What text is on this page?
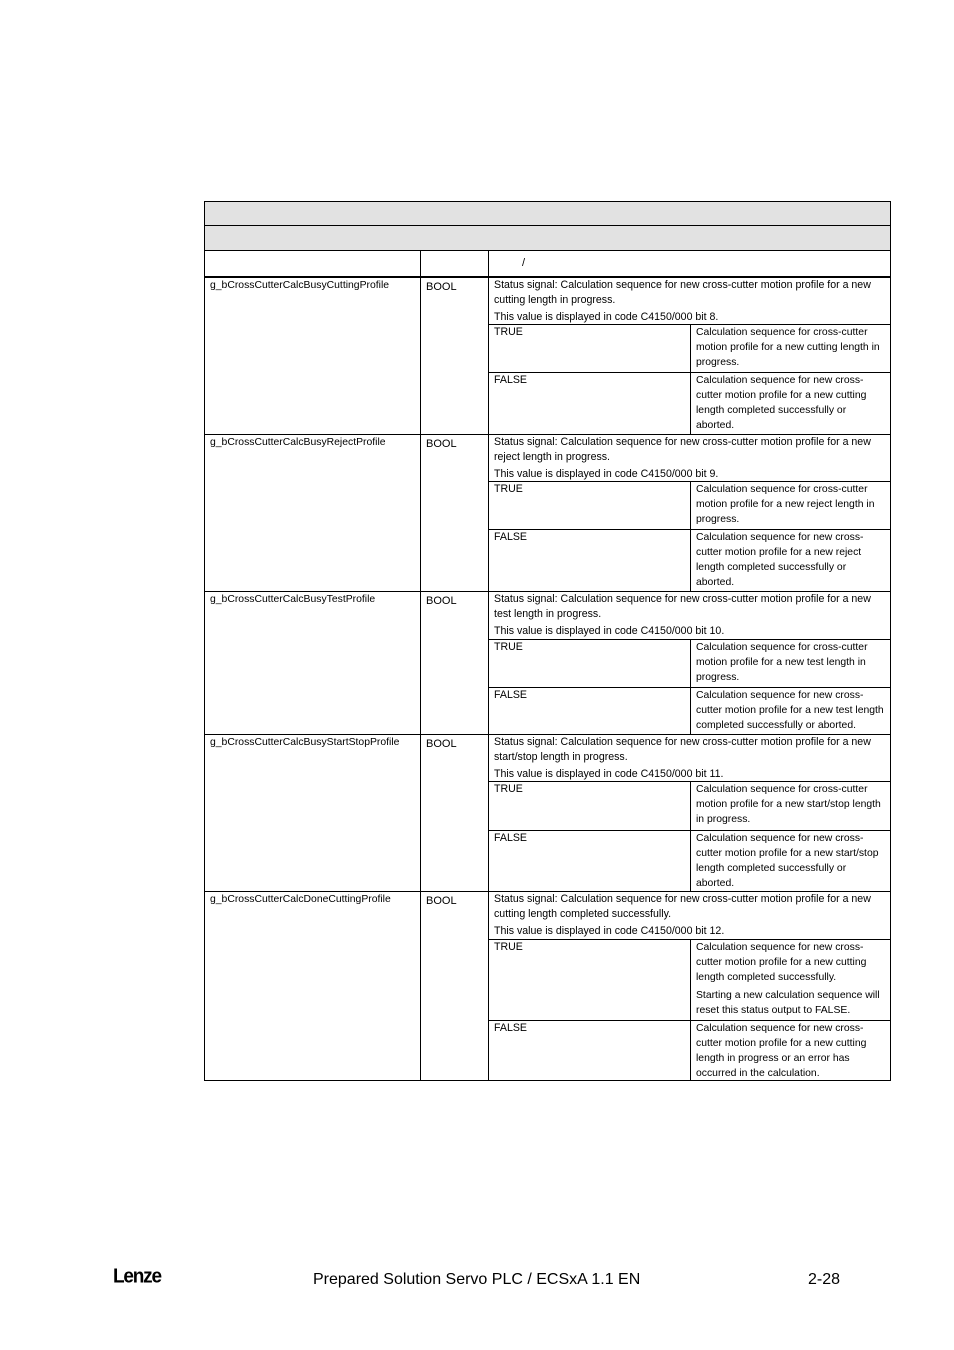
/
g_bCrossCutterCalcBusyCuttingProfile	BOOL	Status signal: Calculation sequence for new cross-cutter motion profile for a new
cutting length in progress.
This value is displayed in code C4150/000 bit 8.
TRUE	Calculation sequence for cross-cutter
motion profile for a new cutting length in
progress.
FALSE	Calculation sequence for new cross-
cutter motion profile for a new cutting
length completed successfully or
aborted.
g_bCrossCutterCalcBusyRejectProfile	BOOL	Status signal: Calculation sequence for new cross-cutter motion profile for a new
reject length in progress.
This value is displayed in code C4150/000 bit 9.
TRUE	Calculation sequence for cross-cutter
motion profile for a new reject length in
progress.
FALSE	Calculation sequence for new cross-
cutter motion profile for a new reject
length completed successfully or
aborted.
g_bCrossCutterCalcBusyTestProfile	BOOL	Status signal: Calculation sequence for new cross-cutter motion profile for a new
test length in progress.
This value is displayed in code C4150/000 bit 10.
TRUE	Calculation sequence for cross-cutter
motion profile for a new test length in
progress.
FALSE	Calculation sequence for new cross-
cutter motion profile for a new test length
completed successfully or aborted.
g_bCrossCutterCalcBusyStartStopProfile BOOL	Status signal: Calculation sequence for new cross-cutter motion profile for a new
start/stop length in progress.
This value is displayed in code C4150/000 bit 11.
TRUE	Calculation sequence for cross-cutter
motion profile for a new start/stop length
in progress.
FALSE	Calculation sequence for new cross-
cutter motion profile for a new start/stop
length completed successfully or
aborted.
g_bCrossCutterCalcDoneCuttingProfile	BOOL	Status signal: Calculation sequence for new cross-cutter motion profile for a new
cutting length completed successfully.
This value is displayed in code C4150/000 bit 12.
TRUE	Calculation sequence for new cross-
cutter motion profile for a new cutting
length completed successfully.
Starting a new calculation sequence will
reset this status output to FALSE.
FALSE	Calculation sequence for new cross-
cutter motion profile for a new cutting
length in progress or an error has
occurred in the calculation.
Lenze	Prepared Solution Servo PLC / ECSxA 1.1 EN	2-28
